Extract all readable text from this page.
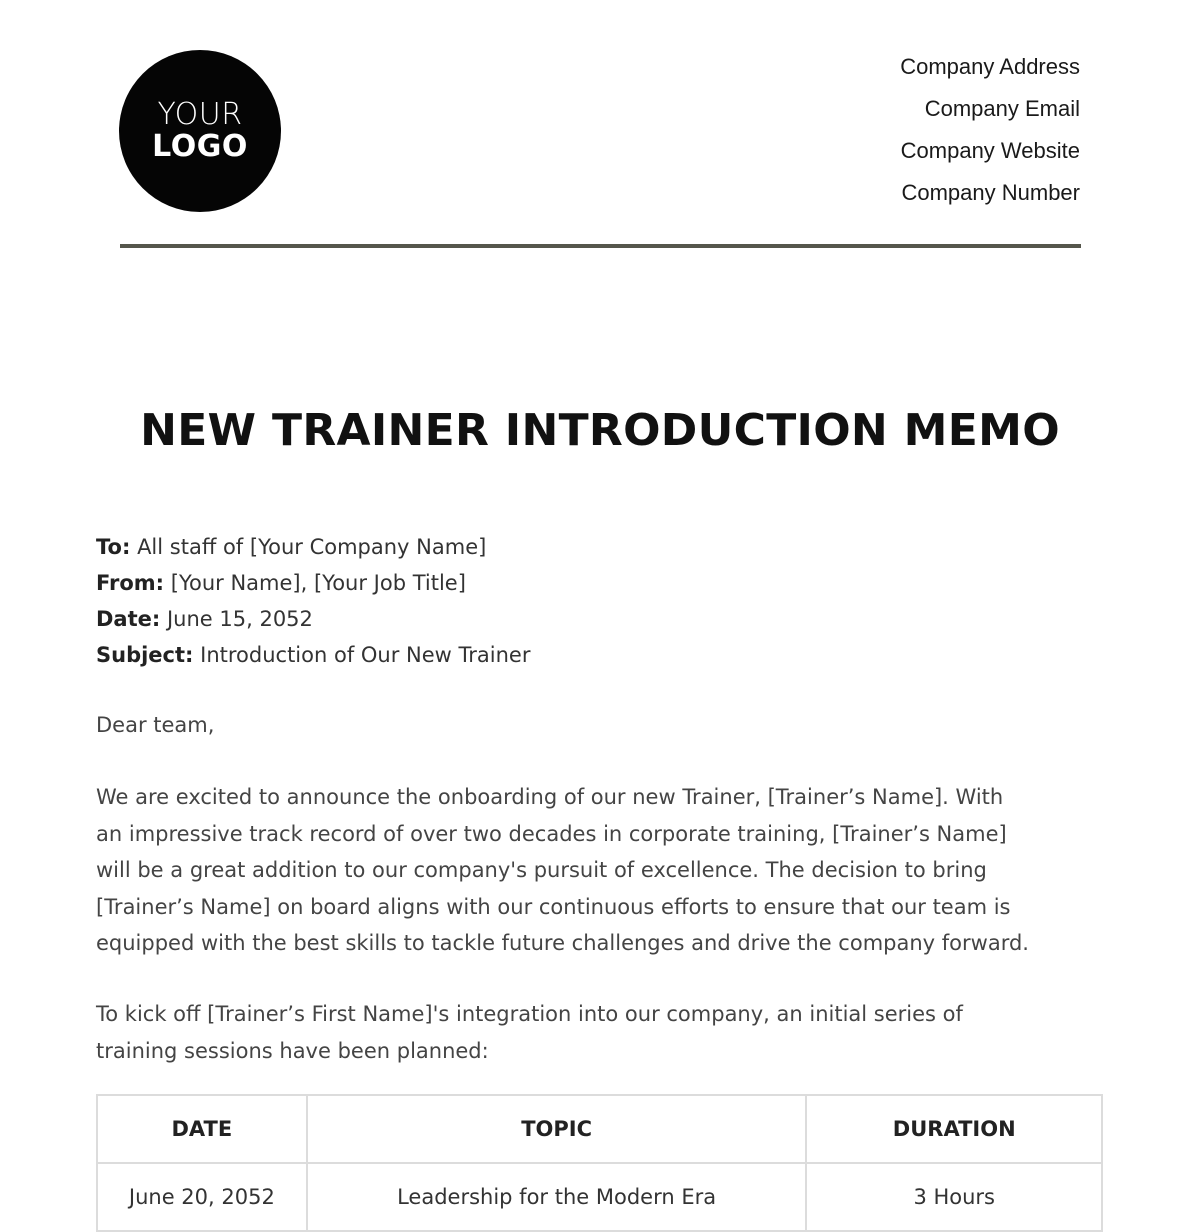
YOUR
LOGO
Company Address
Company Email
Company Website
Company Number
NEW TRAINER INTRODUCTION MEMO
To: All staff of [Your Company Name]
From: [Your Name], [Your Job Title]
Date: June 15, 2052
Subject: Introduction of Our New Trainer

Dear team,

We are excited to announce the onboarding of our new Trainer, [Trainer’s Name]. With
an impressive track record of over two decades in corporate training, [Trainer’s Name]
will be a great addition to our company's pursuit of excellence. The decision to bring
[Trainer’s Name] on board aligns with our continuous efforts to ensure that our team is
equipped with the best skills to tackle future challenges and drive the company forward.

To kick off [Trainer’s First Name]'s integration into our company, an initial series of
training sessions have been planned:

DATE	TOPIC	DURATION
June 20, 2052	Leadership for the Modern Era	3 Hours
